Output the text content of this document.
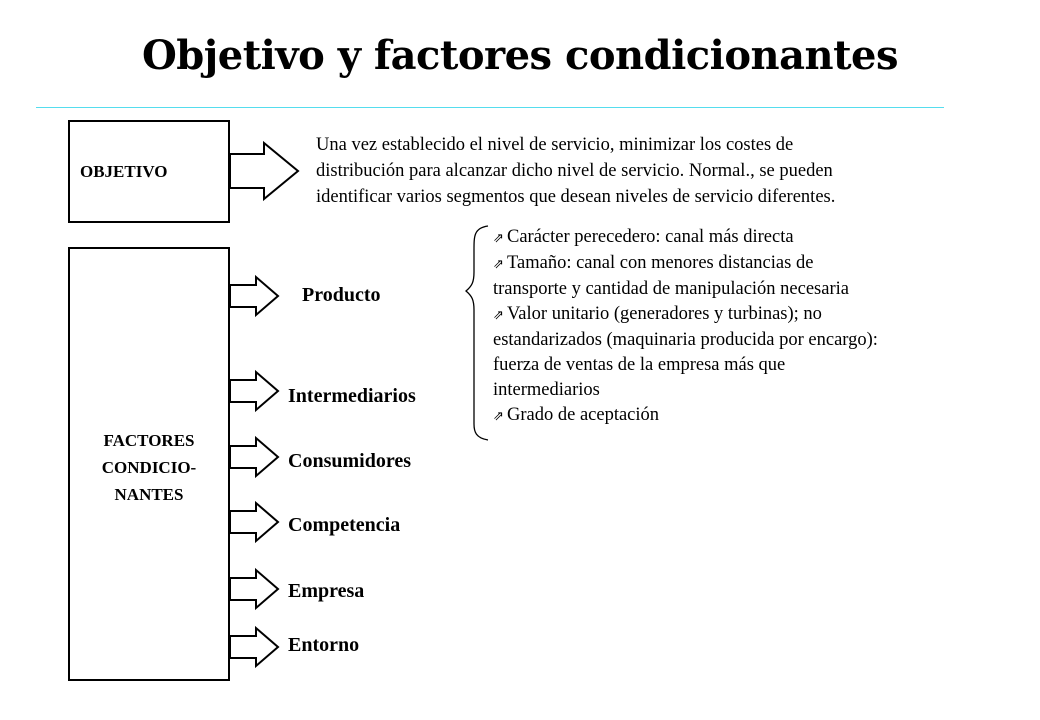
Objetivo y factores condicionantes
OBJETIVO
FACTORES
CONDICIO-
NANTES
Una vez establecido el nivel de servicio, minimizar los costes de
distribución para alcanzar dicho nivel de servicio. Normal., se pueden
identificar varios segmentos que desean niveles de servicio diferentes.
Producto
Intermediarios
Consumidores
Competencia
Empresa
Entorno
⇗ Carácter perecedero: canal más directa
⇗ Tamaño: canal con menores distancias de
transporte y cantidad de manipulación necesaria
⇗ Valor unitario (generadores y turbinas); no
estandarizados (maquinaria producida por encargo):
fuerza de ventas de la empresa más que
intermediarios
⇗ Grado de aceptación
